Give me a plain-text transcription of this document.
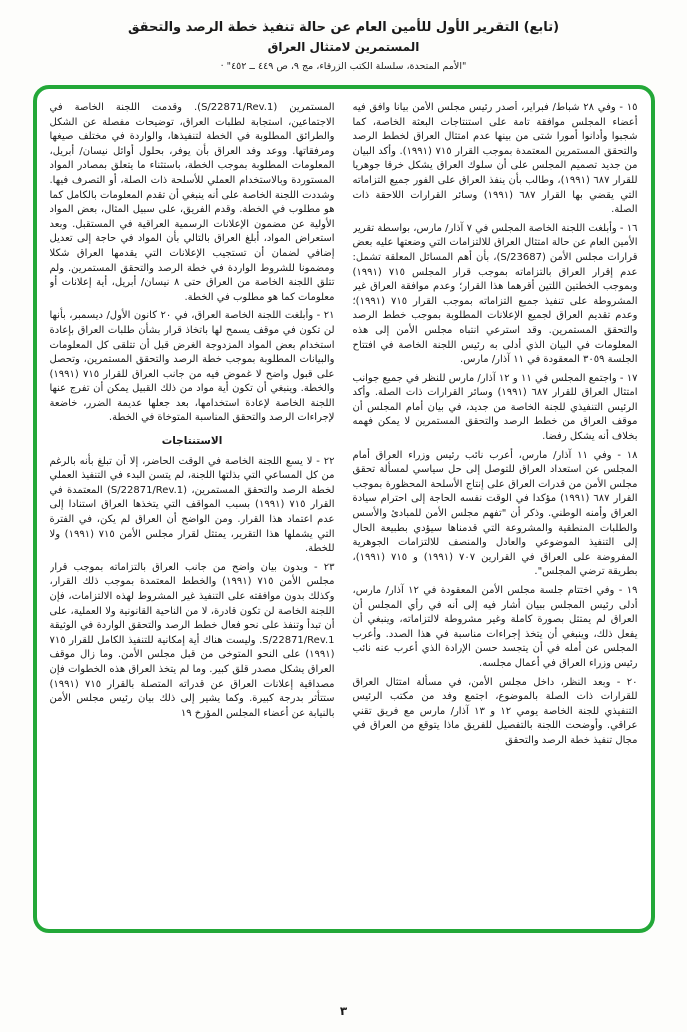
(تابع) التقرير الأول للأمين العام عن حالة تنفيذ خطة الرصد والتحقق
المستمرين لامتثال العراق
"الأمم المتحدة، سلسلة الكتب الزرقاء، مج ٩، ص ٤٤٩ ــ ٤٥٢" ·

١٥ - وفي ٢٨ شباط/ فبراير، أصدر رئيس مجلس الأمن بيانا وافق فيه أعضاء المجلس موافقة تامة على استنتاجات البعثة الخاصة، كما شجبوا وأدانوا أمورا شتى من بينها عدم امتثال العراق لخطط الرصد والتحقق المستمرين المعتمدة بموجب القرار ٧١٥ (١٩٩١). وأكد البيان من جديد تصميم المجلس على أن سلوك العراق يشكل خرقا جوهريا للقرار ٦٨٧ (١٩٩١)، وطالب بأن ينفذ العراق على الفور جميع التزاماته التي يقضي بها القرار ٦٨٧ (١٩٩١) وسائر القرارات اللاحقة ذات الصلة.

١٦ - وأبلغت اللجنة الخاصة المجلس في ٧ آذار/ مارس، بواسطة تقرير الأمين العام عن حالة امتثال العراق للالتزامات التي وضعتها عليه بعض قرارات مجلس الأمن (S/23687)، بأن أهم المسائل المعلقة تشمل: عدم إقرار العراق بالتزاماته بموجب قرار المجلس ٧١٥ (١٩٩١) وبموجب الخطتين اللتين أقرهما هذا القرار؛ وعدم موافقة العراق غير المشروطة على تنفيذ جميع التزاماته بموجب القرار ٧١٥ (١٩٩١)؛ وعدم تقديم العراق لجميع الإعلانات المطلوبة بموجب خطط الرصد والتحقق المستمرين. وقد استرعي انتباه مجلس الأمن إلى هذه المعلومات في البيان الذي أدلى به رئيس اللجنة الخاصة في افتتاح الجلسة ٣٠٥٩ المعقودة في ١١ آذار/ مارس.

١٧ - واجتمع المجلس في ١١ و ١٢ آذار/ مارس للنظر في جميع جوانب امتثال العراق للقرار ٦٨٧ (١٩٩١) وسائر القرارات ذات الصلة. وأكد الرئيس التنفيذي للجنة الخاصة من جديد، في بيان أمام المجلس أن موقف العراق من خطط الرصد والتحقق المستمرين لا يمكن فهمه بخلاف أنه يشكل رفضا.

١٨ - وفي ١١ آذار/ مارس، أعرب نائب رئيس وزراء العراق أمام المجلس عن استعداد العراق للتوصل إلى حل سياسي لمسألة تحقق مجلس الأمن من قدرات العراق على إنتاج الأسلحة المحظورة بموجب القرار ٦٨٧ (١٩٩١) مؤكدا في الوقت نفسه الحاجة إلى احترام سيادة العراق وأمنه الوطني. وذكر أن "تفهم مجلس الأمن للمبادئ والأسس والطلبات المنطقية والمشروعة التي قدمناها سيؤدي بطبيعة الحال إلى التنفيذ الموضوعي والعادل والمنصف للالتزامات الجوهرية المفروضة على العراق في القرارين ٧٠٧ (١٩٩١) و ٧١٥ (١٩٩١)، بطريقة ترضي المجلس".

١٩ - وفي اختتام جلسة مجلس الأمن المعقودة في ١٢ آذار/ مارس، أدلى رئيس المجلس ببيان أشار فيه إلى أنه في رأي المجلس أن العراق لم يمتثل بصورة كاملة وغير مشروطة لالتزاماته، وينبغي أن يفعل ذلك، وينبغي أن يتخذ إجراءات مناسبة في هذا الصدد. وأعرب المجلس عن أمله في أن يتجسد حسن الإرادة الذي أعرب عنه نائب رئيس وزراء العراق في أعمال مجلسه.

٢٠ - وبعد النظر، داخل مجلس الأمن، في مسألة امتثال العراق للقرارات ذات الصلة بالموضوع، اجتمع وفد من مكتب الرئيس التنفيذي للجنة الخاصة يومي ١٢ و ١٣ آذار/ مارس مع فريق تقني عراقي. وأوضحت اللجنة بالتفصيل للفريق ماذا يتوقع من العراق في مجال تنفيذ خطة الرصد والتحقق

المستمرين (S/22871/Rev.1). وقدمت اللجنة الخاصة في الاجتماعين، استجابة لطلبات العراق، توضيحات مفصلة عن الشكل والطرائق المطلوبة في الخطة لتنفيذها، والواردة في مختلف صيغها ومرفقاتها. ووعد وفد العراق بأن يوفر، بحلول أوائل نيسان/ أبريل، المعلومات المطلوبة بموجب الخطة، باستثناء ما يتعلق بمصادر المواد المستوردة وبالاستخدام العملي للأسلحة ذات الصلة، أو التصرف فيها. وشددت اللجنة الخاصة على أنه ينبغي أن تقدم المعلومات بالكامل كما هو مطلوب في الخطة. وقدم الفريق، على سبيل المثال، بعض المواد الأولية عن مضمون الإعلانات الرسمية العراقية في المستقبل. وبعد استعراض المواد، أبلغ العراق بالتالي بأن المواد في حاجة إلى تعديل إضافي لضمان أن تستجيب الإعلانات التي يقدمها العراق شكلا ومضمونا للشروط الواردة في خطة الرصد والتحقق المستمرين. ولم تتلق اللجنة الخاصة من العراق حتى ٨ نيسان/ أبريل، أية إعلانات أو معلومات كما هو مطلوب في الخطة.

٢١ - وأبلغت اللجنة الخاصة العراق، في ٢٠ كانون الأول/ ديسمبر، بأنها لن تكون في موقف يسمح لها باتخاذ قرار بشأن طلبات العراق بإعادة استخدام بعض المواد المزدوجة الغرض قبل أن تتلقى كل المعلومات والبيانات المطلوبة بموجب خطة الرصد والتحقق المستمرين، وتحصل على قبول واضح لا غموض فيه من جانب العراق للقرار ٧١٥ (١٩٩١) والخطة. وينبغي أن تكون أية مواد من ذلك القبيل يمكن أن تفرج عنها اللجنة الخاصة لإعادة استخدامها، بعد جعلها عديمة الضرر، خاضعة لإجراءات الرصد والتحقق المناسبة المتوخاة في الخطة.

الاستنتاجات

٢٢ - لا يسع اللجنة الخاصة في الوقت الحاضر، إلا أن تبلغ بأنه بالرغم من كل المساعي التي بذلتها اللجنة، لم يتسن البدء في التنفيذ العملي لخطة الرصد والتحقق المستمرين، (S/22871/Rev.1) المعتمدة في القرار ٧١٥ (١٩٩١) بسبب المواقف التي يتخذها العراق استنادا إلى عدم اعتماد هذا القرار. ومن الواضح أن العراق لم يكن، في الفترة التي يشملها هذا التقرير، يمتثل لقرار مجلس الأمن ٧١٥ (١٩٩١) ولا للخطة.

٢٣ - وبدون بيان واضح من جانب العراق بالتزاماته بموجب قرار مجلس الأمن ٧١٥ (١٩٩١) والخطط المعتمدة بموجب ذلك القرار، وكذلك بدون موافقته على التنفيذ غير المشروط لهذه الالتزامات، فإن اللجنة الخاصة لن تكون قادرة، لا من الناحية القانونية ولا العملية، على أن تبدأ وتنفذ على نحو فعال خطط الرصد والتحقق الواردة في الوثيقة S/22871/Rev.1. وليست هناك أية إمكانية للتنفيذ الكامل للقرار ٧١٥ (١٩٩١) على النحو المتوخى من قبل مجلس الأمن. وما زال موقف العراق يشكل مصدر قلق كبير. وما لم يتخذ العراق هذه الخطوات فإن مصداقية إعلانات العراق عن قدراته المتصلة بالقرار ٧١٥ (١٩٩١) ستتأثر بدرجة كبيرة. وكما يشير إلى ذلك بيان رئيس مجلس الأمن بالنيابة عن أعضاء المجلس المؤرخ ١٩

٣
